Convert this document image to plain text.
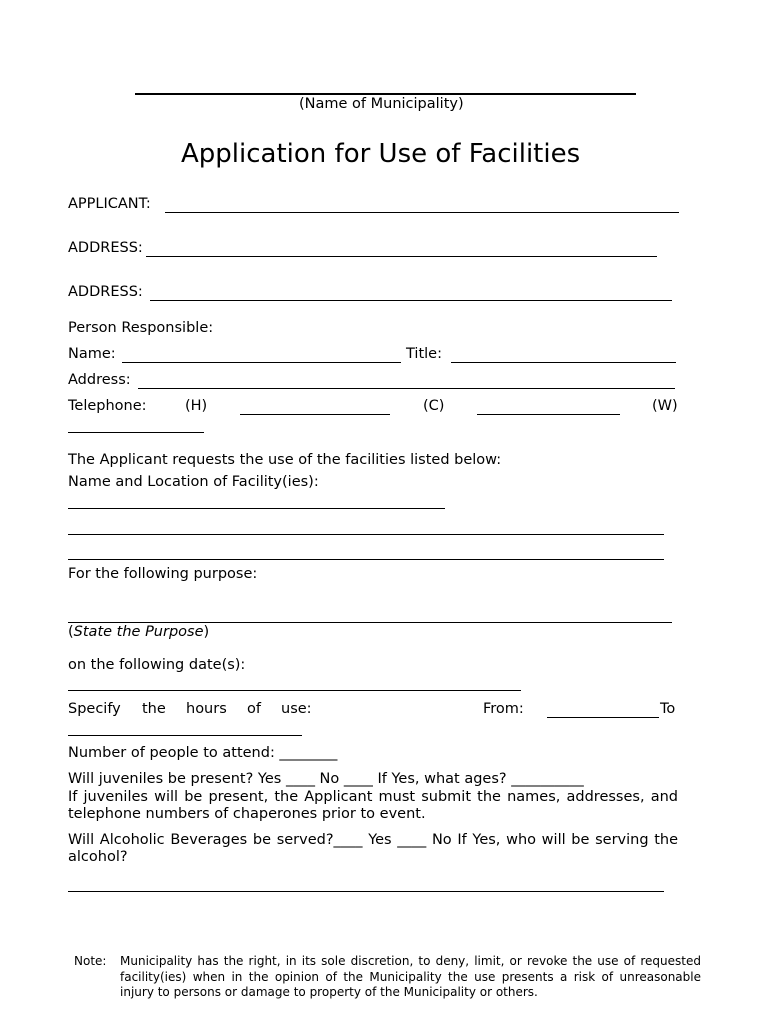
(Name of Municipality)
Application for Use of Facilities
APPLICANT:
ADDRESS:
ADDRESS:
Person Responsible:
Name:	Title:
Address:
Telephone:	(H)	(C)	(W)
The Applicant requests the use of the facilities listed below:
Name and Location of Facility(ies):
For the following purpose:
(State the Purpose)
on the following date(s):
Specify the hours of use:	From:	To
Number of people to attend: ________
Will juveniles be present? Yes ____ No ____ If Yes, what ages? __________
If juveniles will be present, the Applicant must submit the names, addresses, and telephone numbers of chaperones prior to event.
Will Alcoholic Beverages be served?____ Yes ____ No If Yes, who will be serving the alcohol?
Note: Municipality has the right, in its sole discretion, to deny, limit, or revoke the use of requested facility(ies) when in the opinion of the Municipality the use presents a risk of unreasonable injury to persons or damage to property of the Municipality or others.
